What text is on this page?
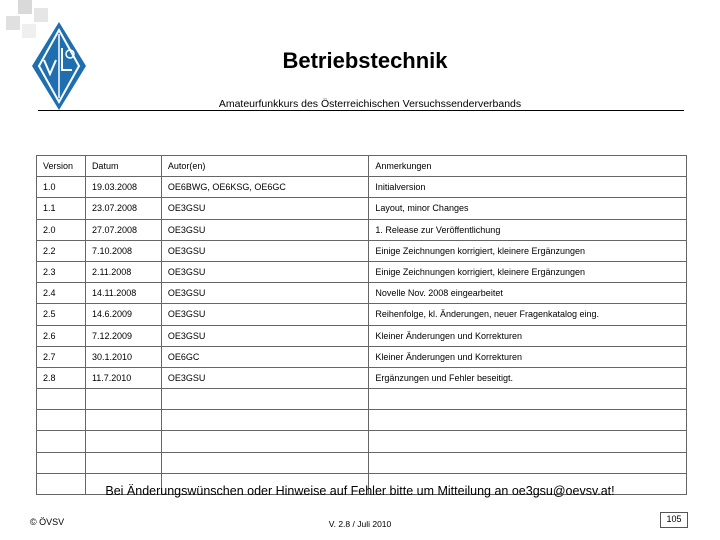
Betriebstechnik
Amateurfunkkurs des Österreichischen Versuchssenderverbands
Version	Datum	Autor(en)	Anmerkungen
1.0	19.03.2008	OE6BWG, OE6KSG, OE6GC	Initialversion
1.1	23.07.2008	OE3GSU	Layout, minor Changes
2.0	27.07.2008	OE3GSU	1. Release zur Veröffentlichung
2.2	7.10.2008	OE3GSU	Einige Zeichnungen korrigiert, kleinere Ergänzungen
2.3	2.11.2008	OE3GSU	Einige Zeichnungen korrigiert, kleinere Ergänzungen
2.4	14.11.2008	OE3GSU	Novelle Nov. 2008 eingearbeitet
2.5	14.6.2009	OE3GSU	Reihenfolge, kl. Änderungen, neuer Fragenkatalog eing.
2.6	7.12.2009	OE3GSU	Kleiner Änderungen und Korrekturen
2.7	30.1.2010	OE6GC	Kleiner Änderungen und Korrekturen
2.8	11.7.2010	OE3GSU	Ergänzungen und Fehler beseitigt.

Bei Änderungswünschen oder Hinweise auf Fehler bitte um Mitteilung an oe3gsu@oevsv.at!
© ÖVSV	V. 2.8 / Juli 2010	105
